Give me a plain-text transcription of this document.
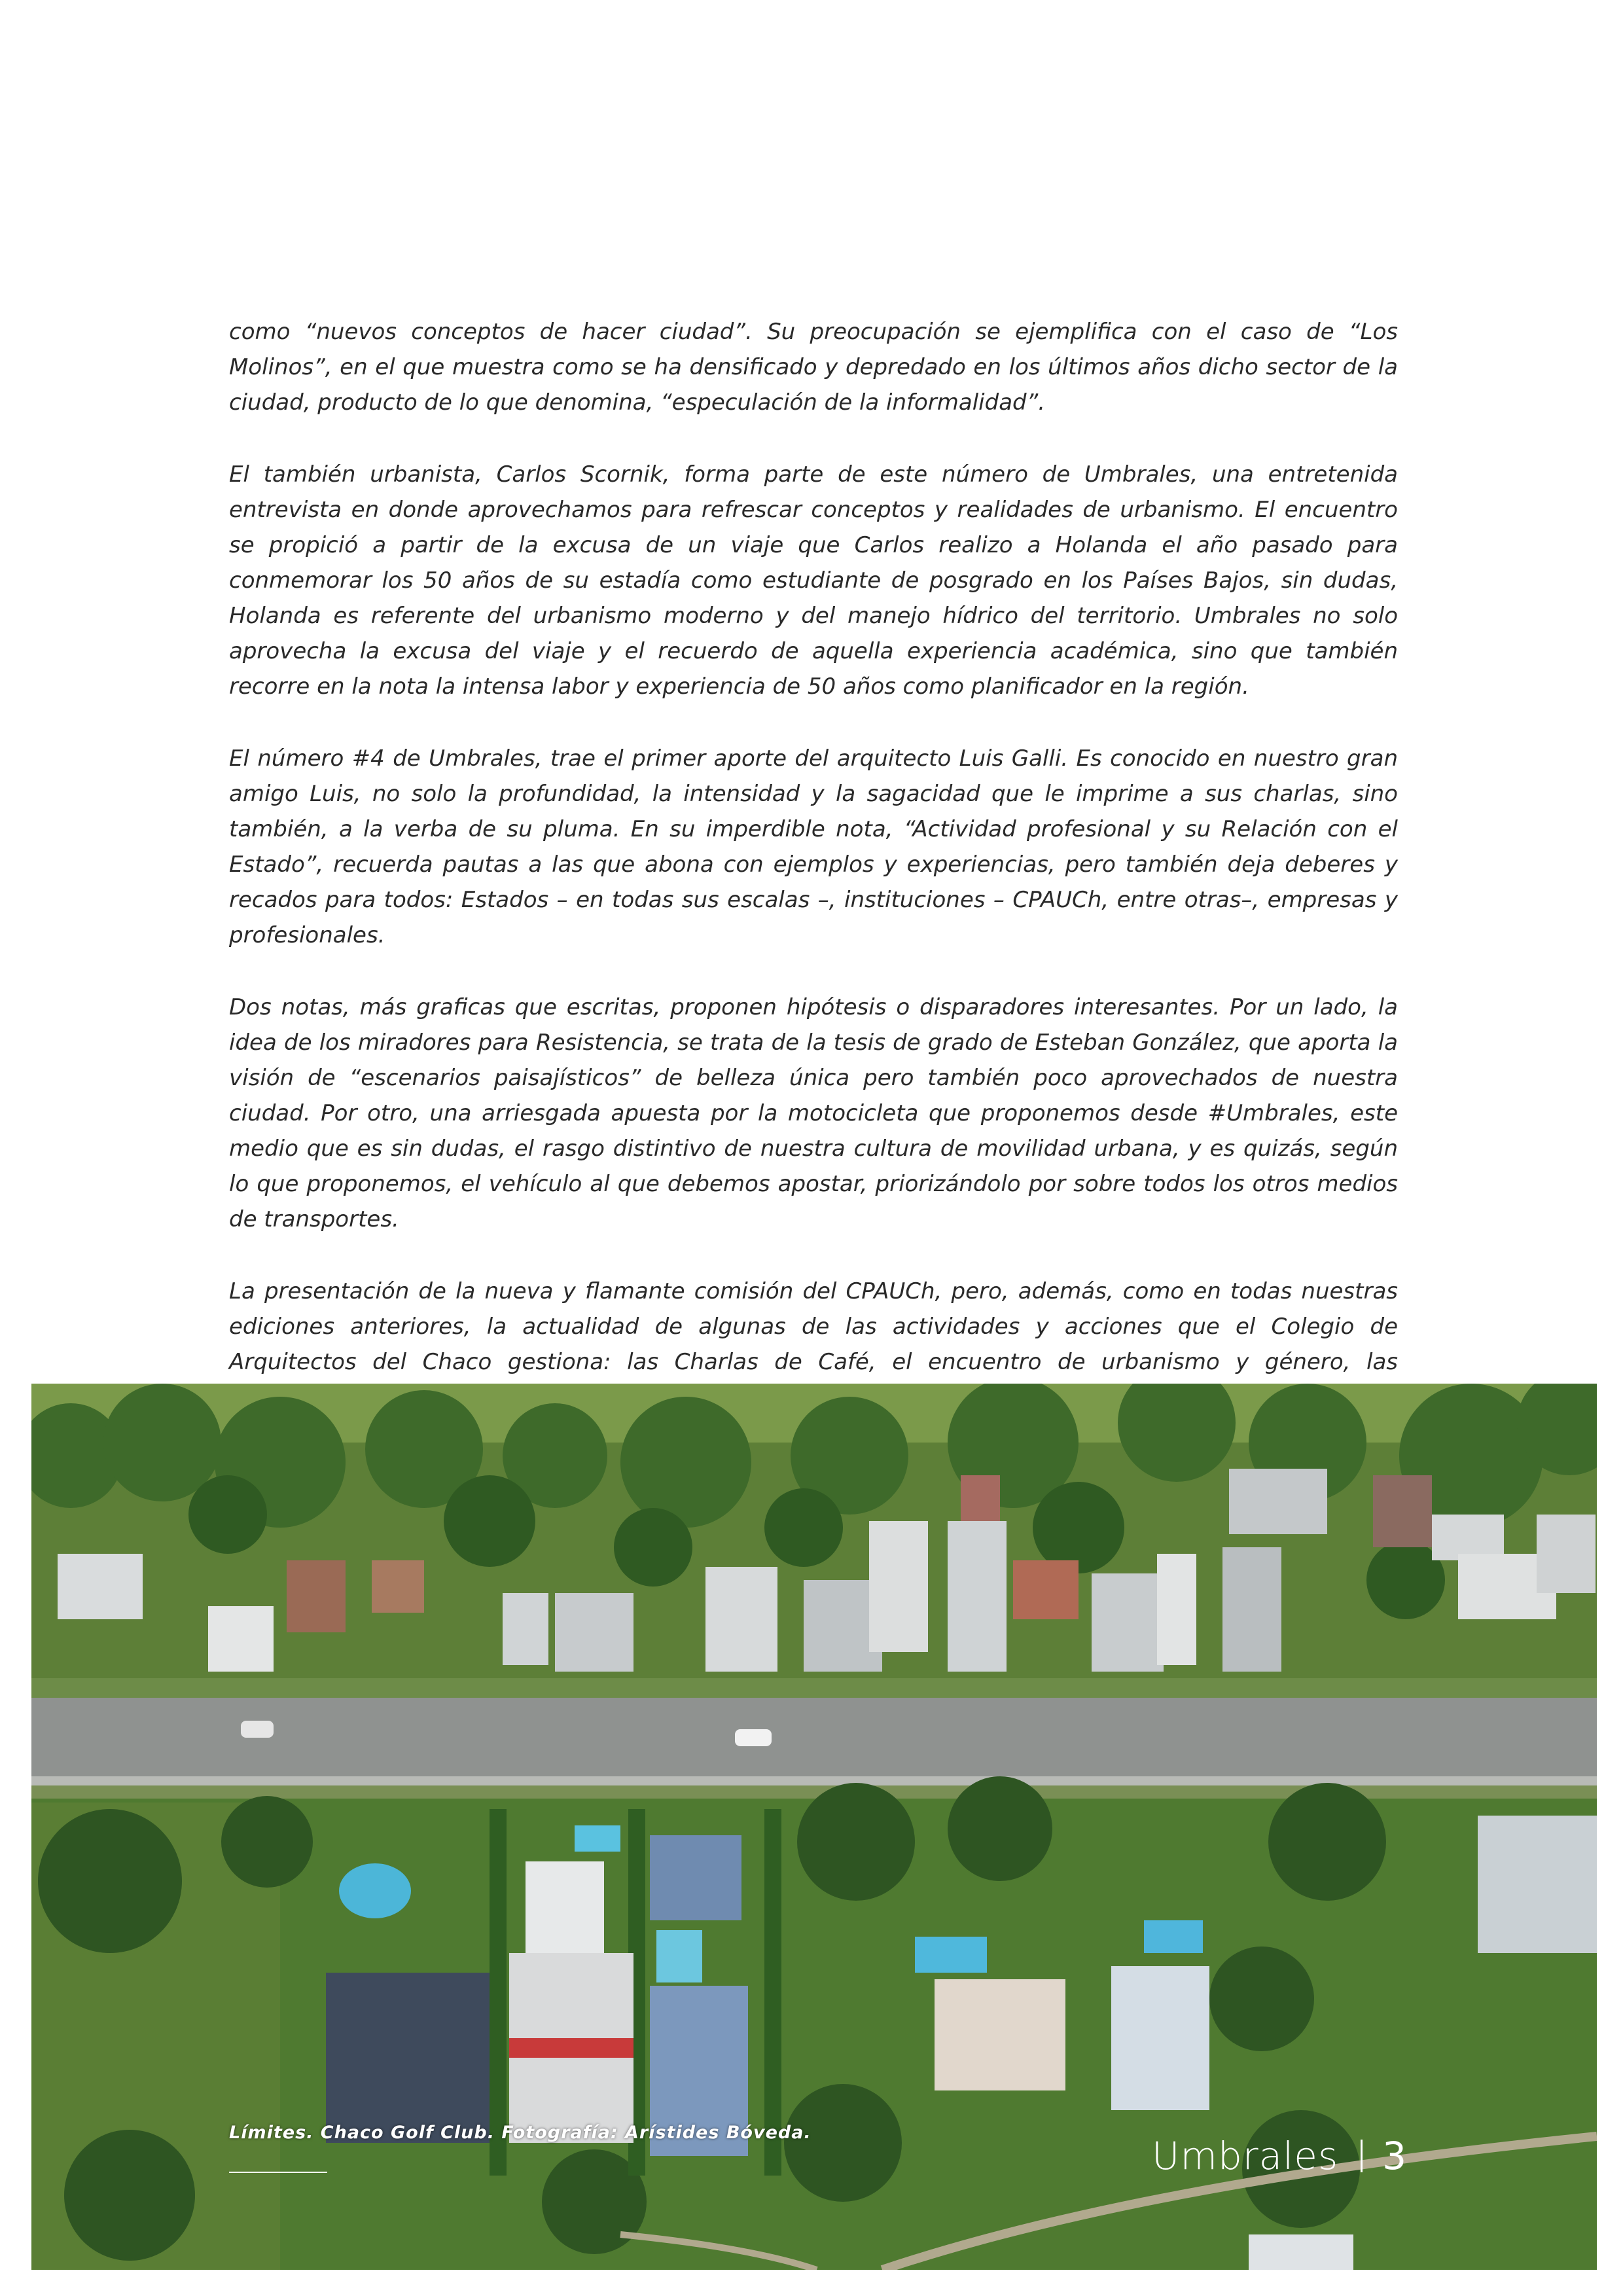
como “nuevos conceptos de hacer ciudad”. Su preocupación se ejemplifica con el caso de “Los Molinos”, en el que muestra como se ha densificado y depredado en los últimos años dicho sector de la ciudad, producto de lo que denomina, “especulación de la informalidad”.

El también urbanista, Carlos Scornik, forma parte de este número de Umbrales, una entretenida entrevista en donde aprovechamos para refrescar conceptos y realidades de urbanismo. El encuentro se propició a partir de la excusa de un viaje que Carlos realizo a Holanda el año pasado para conmemorar los 50 años de su estadía como estudiante de posgrado en los Países Bajos, sin dudas, Holanda es referente del urbanismo moderno y del manejo hídrico del territorio. Umbrales no solo aprovecha la excusa del viaje y el recuerdo de aquella experiencia académica, sino que también recorre en la nota la intensa labor y experiencia de 50 años como planificador en la región.

El número #4 de Umbrales, trae el primer aporte del arquitecto Luis Galli. Es conocido en nuestro gran amigo Luis, no solo la profundidad, la intensidad y la sagacidad que le imprime a sus charlas, sino también, a la verba de su pluma. En su imperdible nota, “Actividad profesional y su Relación con el Estado”, recuerda pautas a las que abona con ejemplos y experiencias, pero también deja deberes y recados para todos: Estados – en todas sus escalas –, instituciones – CPAUCh, entre otras–, empresas y profesionales.

Dos notas, más graficas que escritas, proponen hipótesis o disparadores interesantes. Por un lado, la idea de los miradores para Resistencia, se trata de la tesis de grado de Esteban González, que aporta la visión de “escenarios paisajísticos” de belleza única pero también poco aprovechados de nuestra ciudad. Por otro, una arriesgada apuesta por la motocicleta que proponemos desde #Umbrales, este medio que es sin dudas, el rasgo distintivo de nuestra cultura de movilidad urbana, y es quizás, según lo que proponemos, el vehículo al que debemos apostar, priorizándolo por sobre todos los otros medios de transportes.

La presentación de la nueva y flamante comisión del CPAUCh, pero, además, como en todas nuestras ediciones anteriores, la actualidad de algunas de las actividades y acciones que el Colegio de Arquitectos del Chaco gestiona: las Charlas de Café, el encuentro de urbanismo y género, las

Límites. Chaco Golf Club. Fotografía: Arístides Bóveda.
Umbrales 3
